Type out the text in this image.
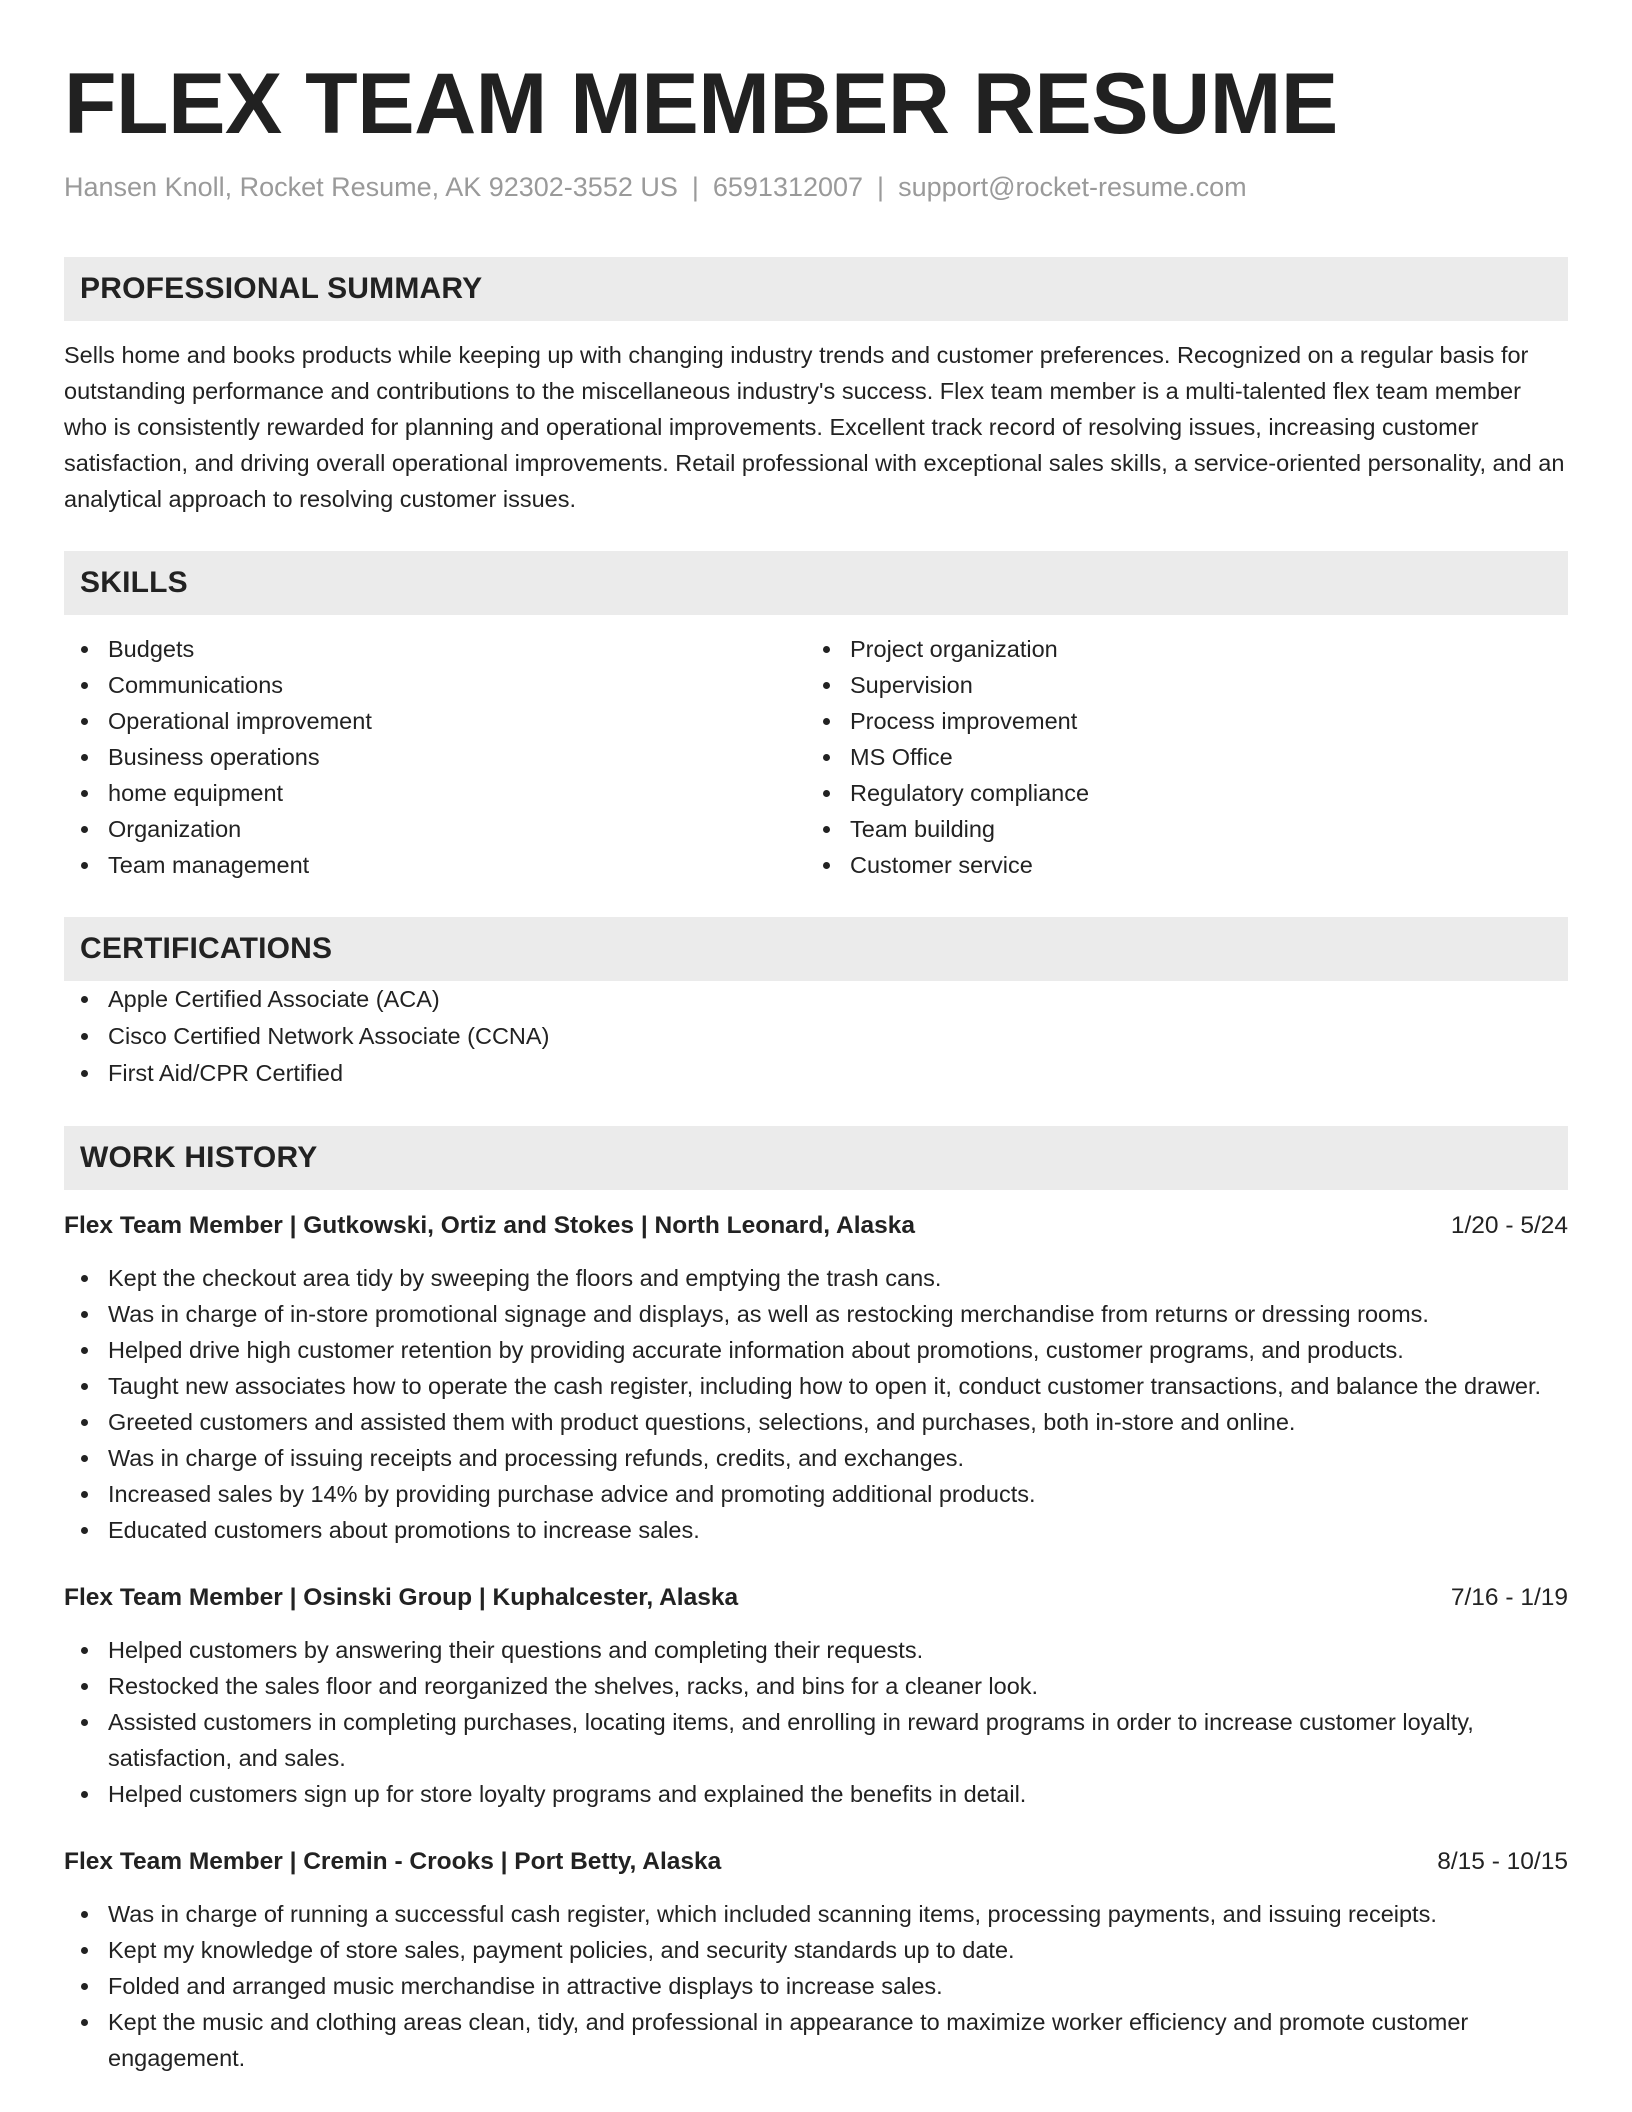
FLEX TEAM MEMBER RESUME
Hansen Knoll, Rocket Resume, AK 92302-3552 US | 6591312007 | support@rocket-resume.com
PROFESSIONAL SUMMARY

Sells home and books products while keeping up with changing industry trends and customer preferences. Recognized on a regular basis for outstanding performance and contributions to the miscellaneous industry's success. Flex team member is a multi-talented flex team member who is consistently rewarded for planning and operational improvements. Excellent track record of resolving issues, increasing customer satisfaction, and driving overall operational improvements. Retail professional with exceptional sales skills, a service-oriented personality, and an analytical approach to resolving customer issues.

SKILLS
Budgets
Communications
Operational improvement
Business operations
home equipment
Organization
Team management
Project organization
Supervision
Process improvement
MS Office
Regulatory compliance
Team building
Customer service
CERTIFICATIONS
Apple Certified Associate (ACA)
Cisco Certified Network Associate (CCNA)
First Aid/CPR Certified
WORK HISTORY
Flex Team Member | Gutkowski, Ortiz and Stokes | North Leonard, Alaska	1/20 - 5/24
Kept the checkout area tidy by sweeping the floors and emptying the trash cans.
Was in charge of in-store promotional signage and displays, as well as restocking merchandise from returns or dressing rooms.
Helped drive high customer retention by providing accurate information about promotions, customer programs, and products.
Taught new associates how to operate the cash register, including how to open it, conduct customer transactions, and balance the drawer.
Greeted customers and assisted them with product questions, selections, and purchases, both in-store and online.
Was in charge of issuing receipts and processing refunds, credits, and exchanges.
Increased sales by 14% by providing purchase advice and promoting additional products.
Educated customers about promotions to increase sales.
Flex Team Member | Osinski Group | Kuphalcester, Alaska	7/16 - 1/19
Helped customers by answering their questions and completing their requests.
Restocked the sales floor and reorganized the shelves, racks, and bins for a cleaner look.
Assisted customers in completing purchases, locating items, and enrolling in reward programs in order to increase customer loyalty, satisfaction, and sales.
Helped customers sign up for store loyalty programs and explained the benefits in detail.
Flex Team Member | Cremin - Crooks | Port Betty, Alaska	8/15 - 10/15
Was in charge of running a successful cash register, which included scanning items, processing payments, and issuing receipts.
Kept my knowledge of store sales, payment policies, and security standards up to date.
Folded and arranged music merchandise in attractive displays to increase sales.
Kept the music and clothing areas clean, tidy, and professional in appearance to maximize worker efficiency and promote customer engagement.
